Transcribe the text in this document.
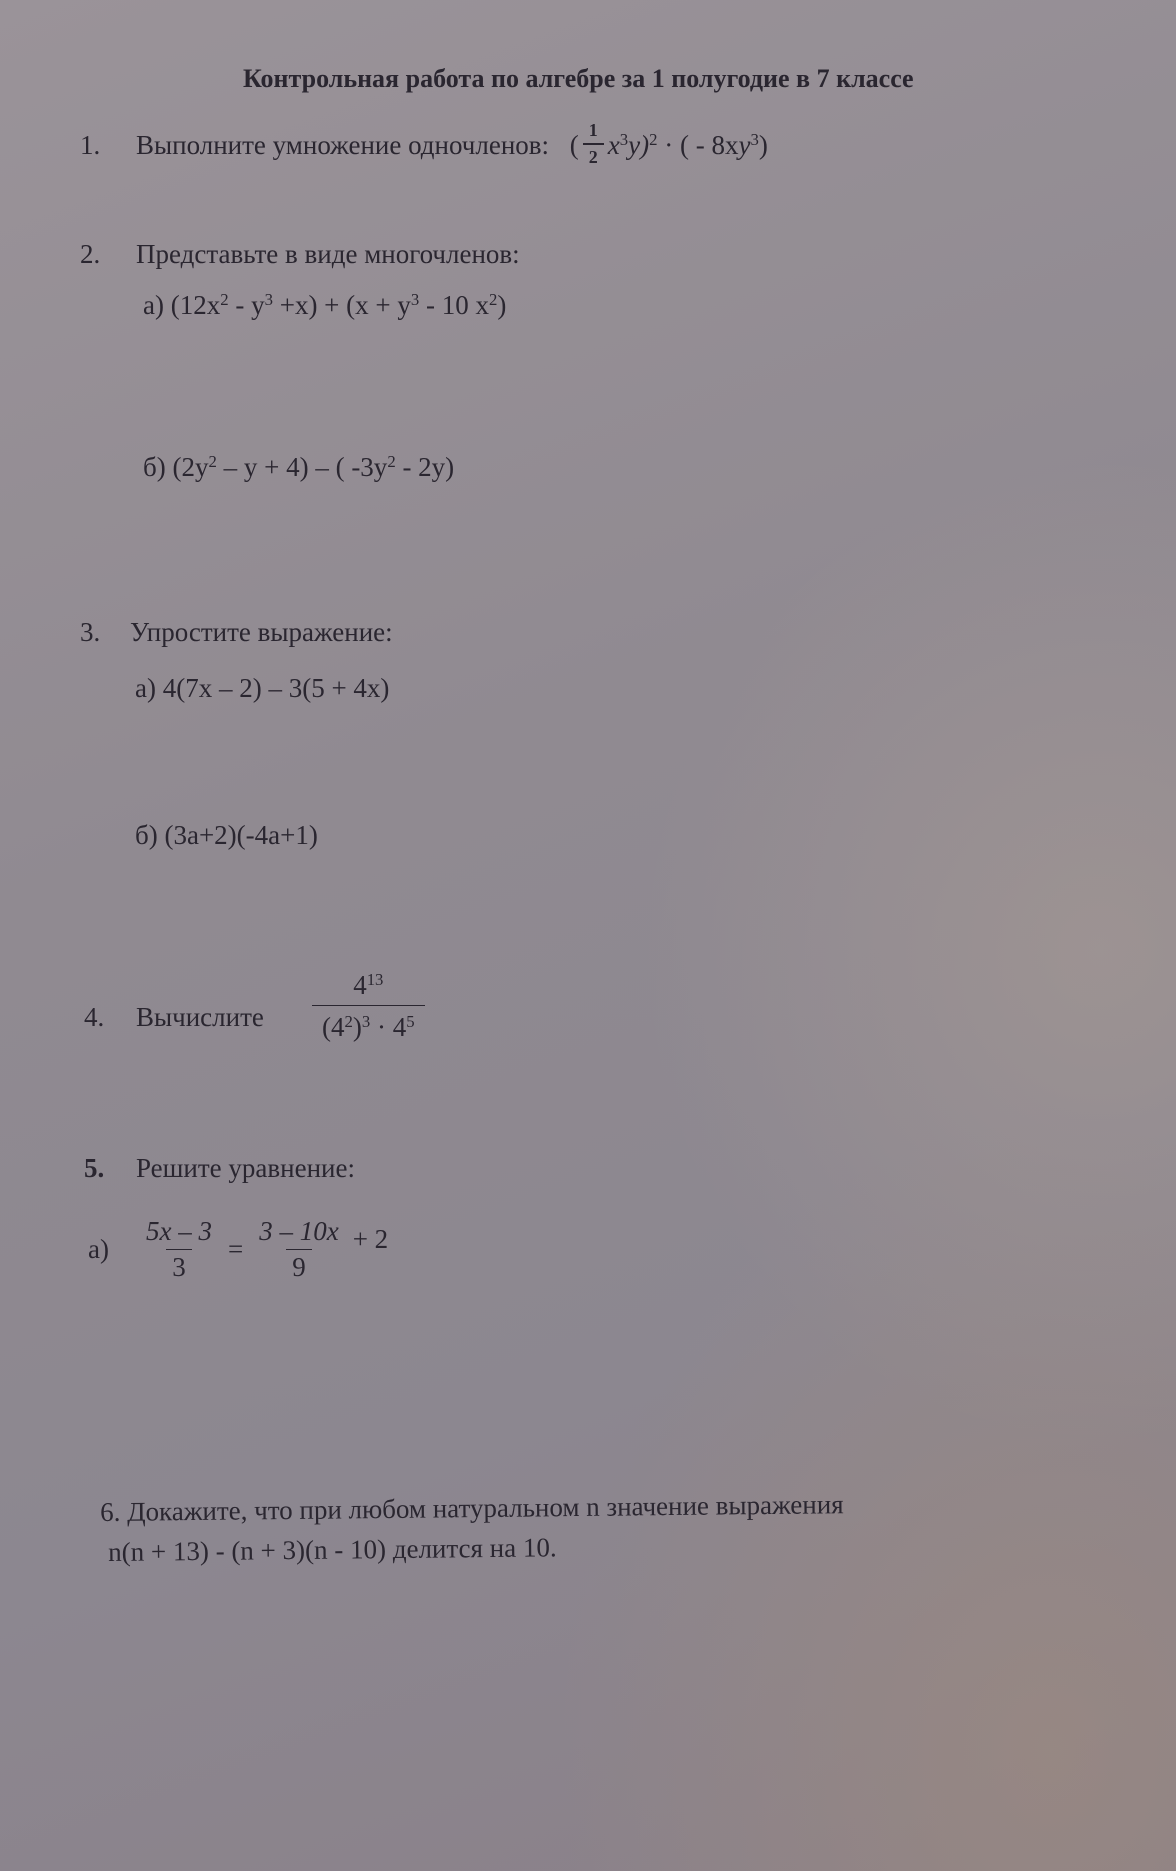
Контрольная работа по алгебре за 1 полугодие в 7 классе
1. Выполните умножение одночленов: ( $\frac{1}{2} x^3y)^2$ · ( - $8xy^3$)
2. Представьте в виде многочленов:
а) $(12x^2 - y^3 +x) + (x + y^3 - 10$ $x^2$)
б) $(2y^2 - y + 4)$ – ( $-3y^2 - 2y$)
3. Упростите выражение:
а) 4(7x – 2) – 3(5 + 4x)
б) (3a+2)(-4a+1)
4. Вычислите $\frac{4^{13}}{(4^2)^3 \cdot 4^5}$
5. Решите уравнение:
а)	$\frac{5x - 3}{3} = \frac{3 - 10x}{9} + 2$
6. Докажите, что при любом натуральном n значение выражения
n(n + 13) - (n + 3)(n - 10) делится на 10.
